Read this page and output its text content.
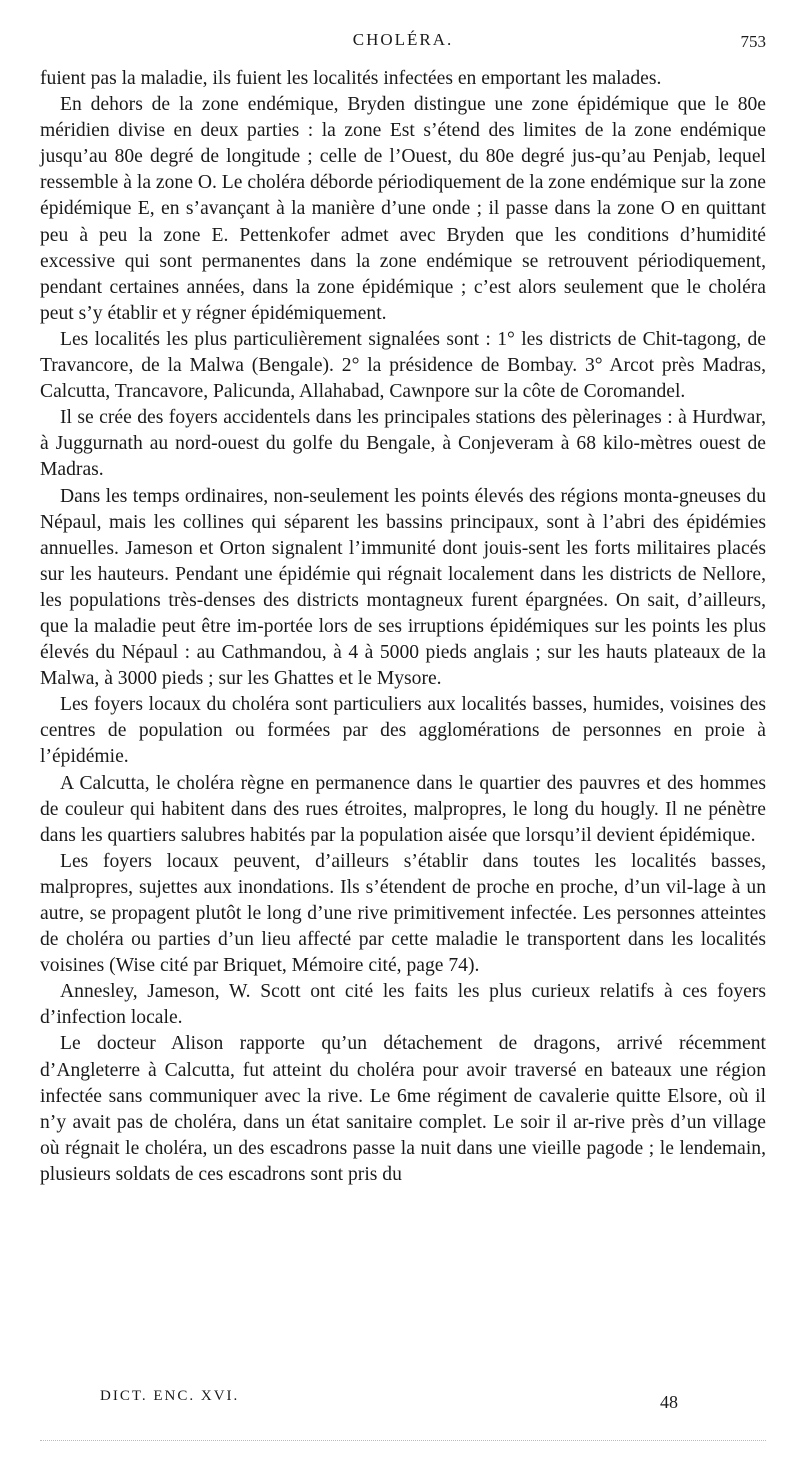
CHOLÉRA.	753

fuient pas la maladie, ils fuient les localités infectées en emportant les malades.

En dehors de la zone endémique, Bryden distingue une zone épidémique que le 80e méridien divise en deux parties : la zone Est s’étend des limites de la zone endémique jusqu’au 80e degré de longitude ; celle de l’Ouest, du 80e degré jus-qu’au Penjab, lequel ressemble à la zone O. Le choléra déborde périodiquement de la zone endémique sur la zone épidémique E, en s’avançant à la manière d’une onde ; il passe dans la zone O en quittant peu à peu la zone E. Pettenkofer admet avec Bryden que les conditions d’humidité excessive qui sont permanentes dans la zone endémique se retrouvent périodiquement, pendant certaines années, dans la zone épidémique ; c’est alors seulement que le choléra peut s’y établir et y régner épidémiquement.

Les localités les plus particulièrement signalées sont : 1° les districts de Chit-tagong, de Travancore, de la Malwa (Bengale). 2° la présidence de Bombay. 3° Arcot près Madras, Calcutta, Trancavore, Palicunda, Allahabad, Cawnpore sur la côte de Coromandel.

Il se crée des foyers accidentels dans les principales stations des pèlerinages : à Hurdwar, à Juggurnath au nord-ouest du golfe du Bengale, à Conjeveram à 68 kilo-mètres ouest de Madras.

Dans les temps ordinaires, non-seulement les points élevés des régions monta-gneuses du Népaul, mais les collines qui séparent les bassins principaux, sont à l’abri des épidémies annuelles. Jameson et Orton signalent l’immunité dont jouis-sent les forts militaires placés sur les hauteurs. Pendant une épidémie qui régnait localement dans les districts de Nellore, les populations très-denses des districts montagneux furent épargnées. On sait, d’ailleurs, que la maladie peut être im-portée lors de ses irruptions épidémiques sur les points les plus élevés du Népaul : au Cathmandou, à 4 à 5000 pieds anglais ; sur les hauts plateaux de la Malwa, à 3000 pieds ; sur les Ghattes et le Mysore.

Les foyers locaux du choléra sont particuliers aux localités basses, humides, voisines des centres de population ou formées par des agglomérations de personnes en proie à l’épidémie.

A Calcutta, le choléra règne en permanence dans le quartier des pauvres et des hommes de couleur qui habitent dans des rues étroites, malpropres, le long du hougly. Il ne pénètre dans les quartiers salubres habités par la population aisée que lorsqu’il devient épidémique.

Les foyers locaux peuvent, d’ailleurs s’établir dans toutes les localités basses, malpropres, sujettes aux inondations. Ils s’étendent de proche en proche, d’un vil-lage à un autre, se propagent plutôt le long d’une rive primitivement infectée. Les personnes atteintes de choléra ou parties d’un lieu affecté par cette maladie le transportent dans les localités voisines (Wise cité par Briquet, Mémoire cité, page 74).

Annesley, Jameson, W. Scott ont cité les faits les plus curieux relatifs à ces foyers d’infection locale.

Le docteur Alison rapporte qu’un détachement de dragons, arrivé récemment d’Angleterre à Calcutta, fut atteint du choléra pour avoir traversé en bateaux une région infectée sans communiquer avec la rive. Le 6me régiment de cavalerie quitte Elsore, où il n’y avait pas de choléra, dans un état sanitaire complet. Le soir il ar-rive près d’un village où régnait le choléra, un des escadrons passe la nuit dans une vieille pagode ; le lendemain, plusieurs soldats de ces escadrons sont pris du

DICT. ENC. XVI.	48
